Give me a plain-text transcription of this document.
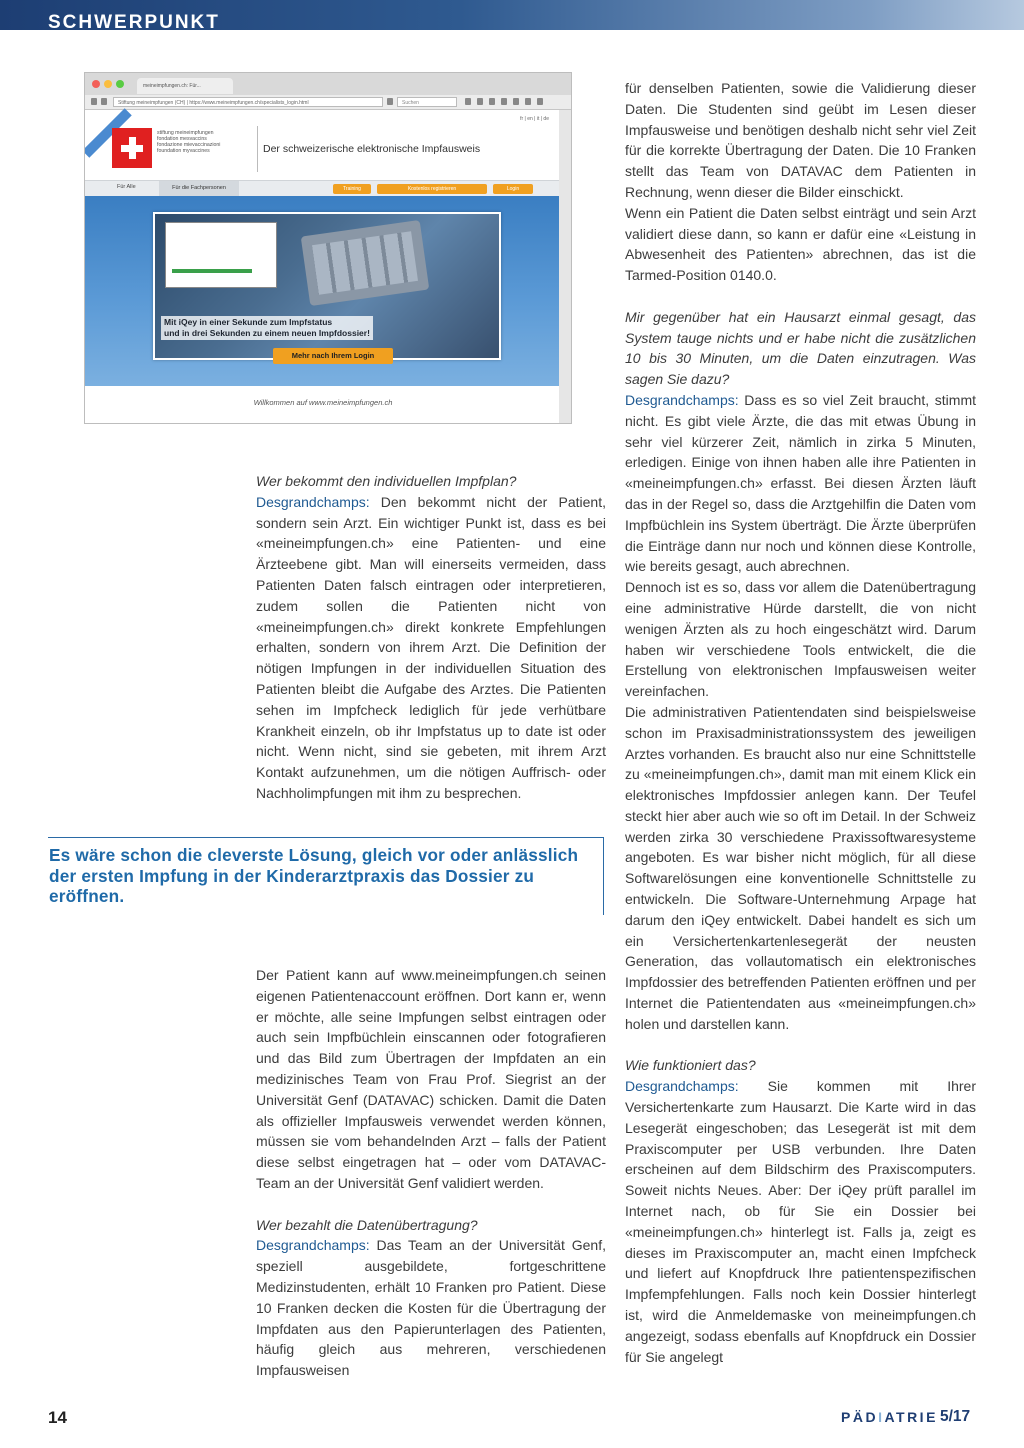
SCHWERPUNKT
meineimpfungen.ch: Für...
Stiftung meineimpfungen (CH) | https://www.meineimpfungen.ch/specialists_login.html	Suchen
stiftung meineimpfungen
fondation mesvaccins
fondazione mievaccinazioni
foundation myvaccines	Der schweizerische elektronische Impfausweis
fr | en | it | de
Für Alle	Für die Fachpersonen	Training	Kostenlos registrieren	Login
Mit iQey in einer Sekunde zum Impfstatus
und in drei Sekunden zu einem neuen Impfdossier!
Mehr nach Ihrem Login
Willkommen auf www.meineimpfungen.ch

Wer bekommt den individuellen Impfplan?

Desgrandchamps: Den bekommt nicht der Patient, sondern sein Arzt. Ein wichtiger Punkt ist, dass es bei «meineimpfungen.ch» eine Patienten- und eine Ärzteebene gibt. Man will einerseits vermeiden, dass Patienten Daten falsch eintragen oder interpretieren, zudem sollen die Patienten nicht von «meineimpfungen.ch» direkt konkrete Empfehlungen erhalten, sondern von ihrem Arzt. Die Definition der nötigen Impfungen in der individuellen Situation des Patienten bleibt die Aufgabe des Arztes. Die Patienten sehen im Impfcheck lediglich für jede verhütbare Krankheit einzeln, ob ihr Impfstatus up to date ist oder nicht. Wenn nicht, sind sie gebeten, mit ihrem Arzt Kontakt aufzunehmen, um die nötigen Auffrisch- oder Nachholimpfungen mit ihm zu besprechen.

Es wäre schon die cleverste Lösung, gleich vor oder anlässlich der ersten Impfung in der Kinderarztpraxis das Dossier zu eröffnen.

Der Patient kann auf www.meineimpfungen.ch seinen eigenen Patientenaccount eröffnen. Dort kann er, wenn er möchte, alle seine Impfungen selbst eintragen oder auch sein Impfbüchlein einscannen oder fotografieren und das Bild zum Übertragen der Impfdaten an ein medizinisches Team von Frau Prof. Siegrist an der Universität Genf (DATAVAC) schicken. Damit die Daten als offizieller Impfausweis verwendet werden können, müssen sie vom behandelnden Arzt – falls der Patient diese selbst eingetragen hat – oder vom DATAVAC-Team an der Universität Genf validiert werden.

Wer bezahlt die Datenübertragung?

Desgrandchamps: Das Team an der Universität Genf, speziell ausgebildete, fortgeschrittene Medizinstudenten, erhält 10 Franken pro Patient. Diese 10 Franken decken die Kosten für die Übertragung der Impfdaten aus den Papierunterlagen des Patienten, häufig gleich aus mehreren, verschiedenen Impfausweisen

für denselben Patienten, sowie die Validierung dieser Daten. Die Studenten sind geübt im Lesen dieser Impfausweise und benötigen deshalb nicht sehr viel Zeit für die korrekte Übertragung der Daten. Die 10 Franken stellt das Team von DATAVAC dem Patienten in Rechnung, wenn dieser die Bilder einschickt.

Wenn ein Patient die Daten selbst einträgt und sein Arzt validiert diese dann, so kann er dafür eine «Leistung in Abwesenheit des Patienten» abrechnen, das ist die Tarmed-Position 0140.0.

Mir gegenüber hat ein Hausarzt einmal gesagt, das System tauge nichts und er habe nicht die zusätzlichen 10 bis 30 Minuten, um die Daten einzutragen. Was sagen Sie dazu?

Desgrandchamps: Dass es so viel Zeit braucht, stimmt nicht. Es gibt viele Ärzte, die das mit etwas Übung in sehr viel kürzerer Zeit, nämlich in zirka 5 Minuten, erledigen. Einige von ihnen haben alle ihre Patienten in «meineimpfungen.ch» erfasst. Bei diesen Ärzten läuft das in der Regel so, dass die Arztgehilfin die Daten vom Impfbüchlein ins System überträgt. Die Ärzte überprüfen die Einträge dann nur noch und können diese Kontrolle, wie bereits gesagt, auch abrechnen.

Dennoch ist es so, dass vor allem die Datenübertragung eine administrative Hürde darstellt, die von nicht wenigen Ärzten als zu hoch eingeschätzt wird. Darum haben wir verschiedene Tools entwickelt, die die Erstellung von elektronischen Impfausweisen weiter vereinfachen.

Die administrativen Patientendaten sind beispielsweise schon im Praxisadministrationssystem des jeweiligen Arztes vorhanden. Es braucht also nur eine Schnittstelle zu «meineimpfungen.ch», damit man mit einem Klick ein elektronisches Impfdossier anlegen kann. Der Teufel steckt hier aber auch wie so oft im Detail. In der Schweiz werden zirka 30 verschiedene Praxissoftwaresysteme angeboten. Es war bisher nicht möglich, für all diese Softwarelösungen eine konventionelle Schnittstelle zu entwickeln. Die Software-Unternehmung Arpage hat darum den iQey entwickelt. Dabei handelt es sich um ein Versichertenkartenlesegerät der neusten Generation, das vollautomatisch ein elektronisches Impfdossier des betreffenden Patienten eröffnen und per Internet die Patientendaten aus «meineimpfungen.ch» holen und darstellen kann.

Wie funktioniert das?

Desgrandchamps: Sie kommen mit Ihrer Versichertenkarte zum Hausarzt. Die Karte wird in das Lesegerät eingeschoben; das Lesegerät ist mit dem Praxiscomputer per USB verbunden. Ihre Daten erscheinen auf dem Bildschirm des Praxiscomputers. Soweit nichts Neues. Aber: Der iQey prüft parallel im Internet nach, ob für Sie ein Dossier bei «meineimpfungen.ch» hinterlegt ist. Falls ja, zeigt es dieses im Praxiscomputer an, macht einen Impfcheck und liefert auf Knopfdruck Ihre patientenspezifischen Impfempfehlungen. Falls noch kein Dossier hinterlegt ist, wird die Anmeldemaske von meineimpfungen.ch angezeigt, sodass ebenfalls auf Knopfdruck ein Dossier für Sie angelegt

14	PÄDIATRIE 5/17
